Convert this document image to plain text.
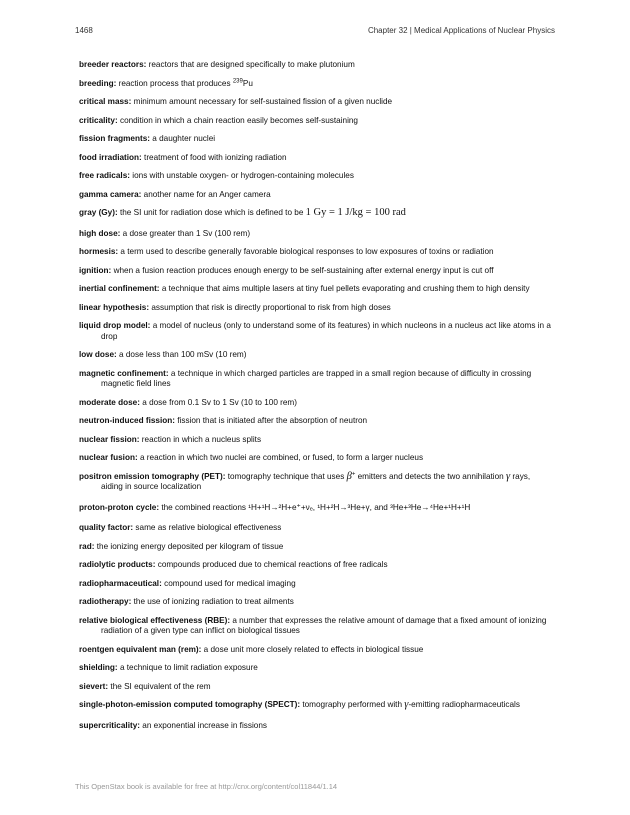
1468	Chapter 32 | Medical Applications of Nuclear Physics
breeder reactors: reactors that are designed specifically to make plutonium
breeding: reaction process that produces $^{239}$Pu
critical mass: minimum amount necessary for self-sustained fission of a given nuclide
criticality: condition in which a chain reaction easily becomes self-sustaining
fission fragments: a daughter nuclei
food irradiation: treatment of food with ionizing radiation
free radicals: ions with unstable oxygen- or hydrogen-containing molecules
gamma camera: another name for an Anger camera
gray (Gy): the SI unit for radiation dose which is defined to be 1 Gy = 1 J/kg = 100 rad
high dose: a dose greater than 1 Sv (100 rem)
hormesis: a term used to describe generally favorable biological responses to low exposures of toxins or radiation
ignition: when a fusion reaction produces enough energy to be self-sustaining after external energy input is cut off
inertial confinement: a technique that aims multiple lasers at tiny fuel pellets evaporating and crushing them to high density
linear hypothesis: assumption that risk is directly proportional to risk from high doses
liquid drop model: a model of nucleus (only to understand some of its features) in which nucleons in a nucleus act like atoms in a drop
low dose: a dose less than 100 mSv (10 rem)
magnetic confinement: a technique in which charged particles are trapped in a small region because of difficulty in crossing magnetic field lines
moderate dose: a dose from 0.1 Sv to 1 Sv (10 to 100 rem)
neutron-induced fission: fission that is initiated after the absorption of neutron
nuclear fission: reaction in which a nucleus splits
nuclear fusion: a reaction in which two nuclei are combined, or fused, to form a larger nucleus
positron emission tomography (PET): tomography technique that uses β+ emitters and detects the two annihilation γ rays, aiding in source localization
proton-proton cycle: the combined reactions ¹H+¹H→²H+e⁺+νₑ, ¹H+²H→³He+γ, and ³He+³He→⁴He+¹H+¹H
quality factor: same as relative biological effectiveness
rad: the ionizing energy deposited per kilogram of tissue
radiolytic products: compounds produced due to chemical reactions of free radicals
radiopharmaceutical: compound used for medical imaging
radiotherapy: the use of ionizing radiation to treat ailments
relative biological effectiveness (RBE): a number that expresses the relative amount of damage that a fixed amount of ionizing radiation of a given type can inflict on biological tissues
roentgen equivalent man (rem): a dose unit more closely related to effects in biological tissue
shielding: a technique to limit radiation exposure
sievert: the SI equivalent of the rem
single-photon-emission computed tomography (SPECT): tomography performed with γ-emitting radiopharmaceuticals
supercriticality: an exponential increase in fissions
This OpenStax book is available for free at http://cnx.org/content/col11844/1.14
